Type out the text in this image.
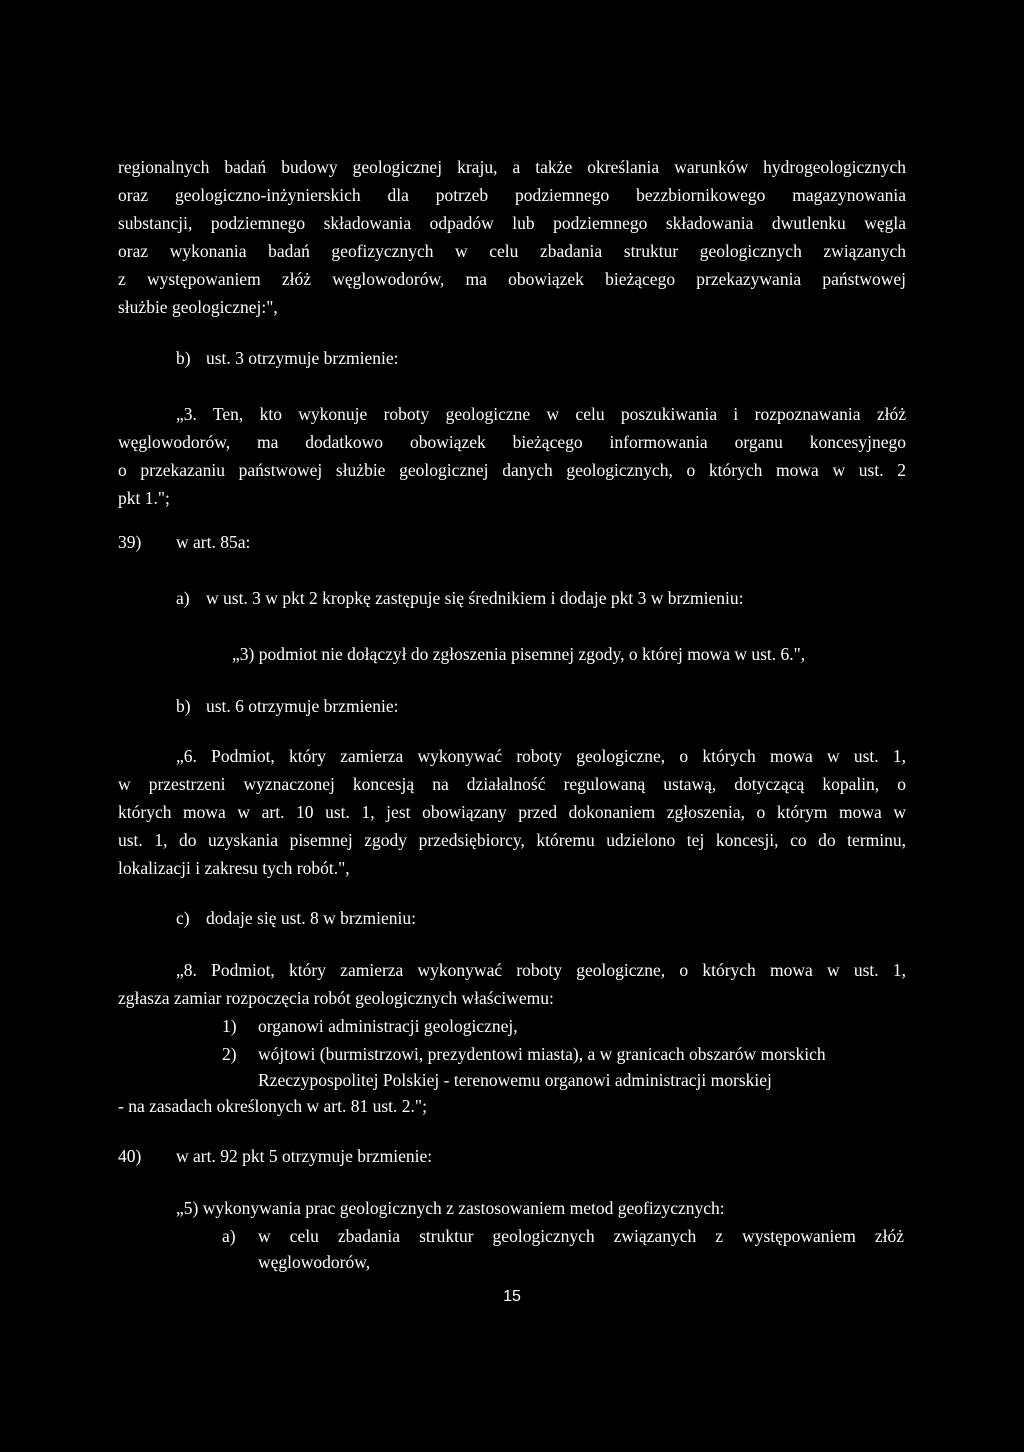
regionalnych badań budowy geologicznej kraju, a także określania warunków hydrogeologicznych
oraz geologiczno-inżynierskich dla potrzeb podziemnego bezzbiornikowego magazynowania
substancji, podziemnego składowania odpadów lub podziemnego składowania dwutlenku węgla
oraz wykonania badań geofizycznych w celu zbadania struktur geologicznych związanych
z występowaniem złóż węglowodorów, ma obowiązek bieżącego przekazywania państwowej
służbie geologicznej:",
b) ust. 3 otrzymuje brzmienie:
„3. Ten, kto wykonuje roboty geologiczne w celu poszukiwania i rozpoznawania złóż
węglowodorów, ma dodatkowo obowiązek bieżącego informowania organu koncesyjnego
o przekazaniu państwowej służbie geologicznej danych geologicznych, o których mowa w ust. 2
pkt 1.";
39) w art. 85a:
a) w ust. 3 w pkt 2 kropkę zastępuje się średnikiem i dodaje pkt 3 w brzmieniu:
„3) podmiot nie dołączył do zgłoszenia pisemnej zgody, o której mowa w ust. 6.",
b) ust. 6 otrzymuje brzmienie:
„6. Podmiot, który zamierza wykonywać roboty geologiczne, o których mowa w ust. 1,
w przestrzeni wyznaczonej koncesją na działalność regulowaną ustawą, dotyczącą kopalin, o
których mowa w art. 10 ust. 1, jest obowiązany przed dokonaniem zgłoszenia, o którym mowa w
ust. 1, do uzyskania pisemnej zgody przedsiębiorcy, któremu udzielono tej koncesji, co do terminu,
lokalizacji i zakresu tych robót.",
c) dodaje się ust. 8 w brzmieniu:
„8. Podmiot, który zamierza wykonywać roboty geologiczne, o których mowa w ust. 1,
zgłasza zamiar rozpoczęcia robót geologicznych właściwemu:
1) organowi administracji geologicznej,
2) wójtowi (burmistrzowi, prezydentowi miasta), a w granicach obszarów morskich
Rzeczypospolitej Polskiej - terenowemu organowi administracji morskiej
- na zasadach określonych w art. 81 ust. 2.";
40) w art. 92 pkt 5 otrzymuje brzmienie:
„5) wykonywania prac geologicznych z zastosowaniem metod geofizycznych:
a) w celu zbadania struktur geologicznych związanych z występowaniem złóż
węglowodorów,
15
